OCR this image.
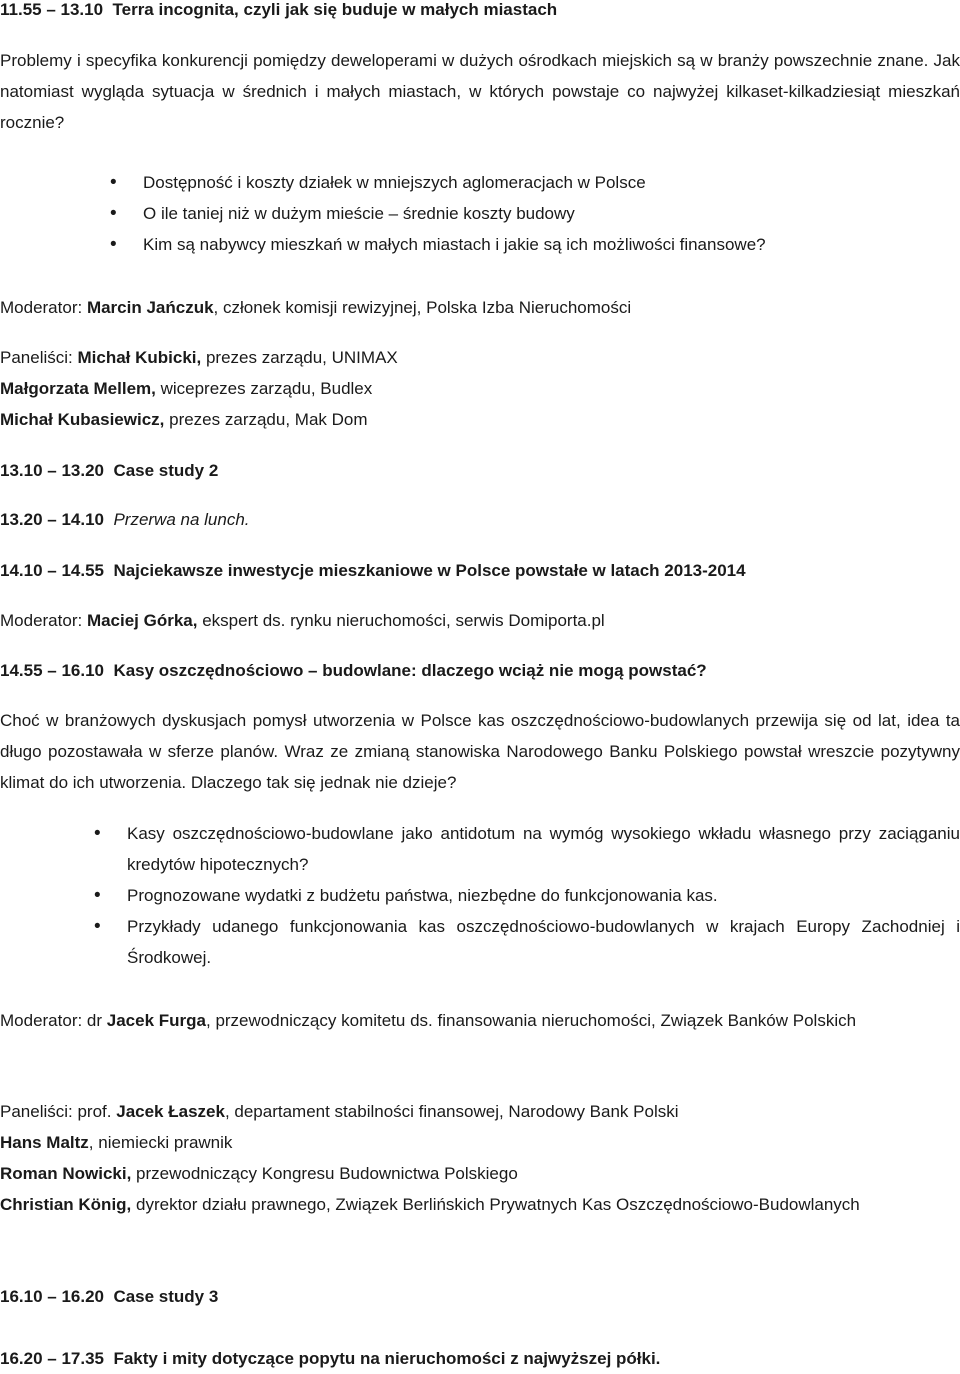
11.55 – 13.10 Terra incognita, czyli jak się buduje w małych miastach

Problemy i specyfika konkurencji pomiędzy deweloperami w dużych ośrodkach miejskich są w branży powszechnie znane. Jak natomiast wygląda sytuacja w średnich i małych miastach, w których powstaje co najwyżej kilkaset-kilkadziesiąt mieszkań rocznie?

• Dostępność i koszty działek w mniejszych aglomeracjach w Polsce
• O ile taniej niż w dużym mieście – średnie koszty budowy
• Kim są nabywcy mieszkań w małych miastach i jakie są ich możliwości finansowe?
Moderator: Marcin Jańczuk, członek komisji rewizyjnej, Polska Izba Nieruchomości
Paneliści: Michał Kubicki, prezes zarządu, UNIMAX
Małgorzata Mellem, wiceprezes zarządu, Budlex
Michał Kubasiewicz, prezes zarządu, Mak Dom
13.10 – 13.20 Case study 2
13.20 – 14.10 Przerwa na lunch.
14.10 – 14.55 Najciekawsze inwestycje mieszkaniowe w Polsce powstałe w latach 2013-2014
Moderator: Maciej Górka, ekspert ds. rynku nieruchomości, serwis Domiporta.pl
14.55 – 16.10 Kasy oszczędnościowo – budowlane: dlaczego wciąż nie mogą powstać?

Choć w branżowych dyskusjach pomysł utworzenia w Polsce kas oszczędnościowo-budowlanych przewija się od lat, idea ta długo pozostawała w sferze planów. Wraz ze zmianą stanowiska Narodowego Banku Polskiego powstał wreszcie pozytywny klimat do ich utworzenia. Dlaczego tak się jednak nie dzieje?

• Kasy oszczędnościowo-budowlane jako antidotum na wymóg wysokiego wkładu własnego przy zaciąganiu kredytów hipotecznych?
• Prognozowane wydatki z budżetu państwa, niezbędne do funkcjonowania kas.
• Przykłady udanego funkcjonowania kas oszczędnościowo-budowlanych w krajach Europy Zachodniej i Środkowej.
Moderator: dr Jacek Furga, przewodniczący komitetu ds. finansowania nieruchomości, Związek Banków Polskich
Paneliści: prof. Jacek Łaszek, departament stabilności finansowej, Narodowy Bank Polski
Hans Maltz, niemiecki prawnik
Roman Nowicki, przewodniczący Kongresu Budownictwa Polskiego
Christian König, dyrektor działu prawnego, Związek Berlińskich Prywatnych Kas Oszczędnościowo-Budowlanych
16.10 – 16.20 Case study 3
16.20 – 17.35 Fakty i mity dotyczące popytu na nieruchomości z najwyższej półki.
